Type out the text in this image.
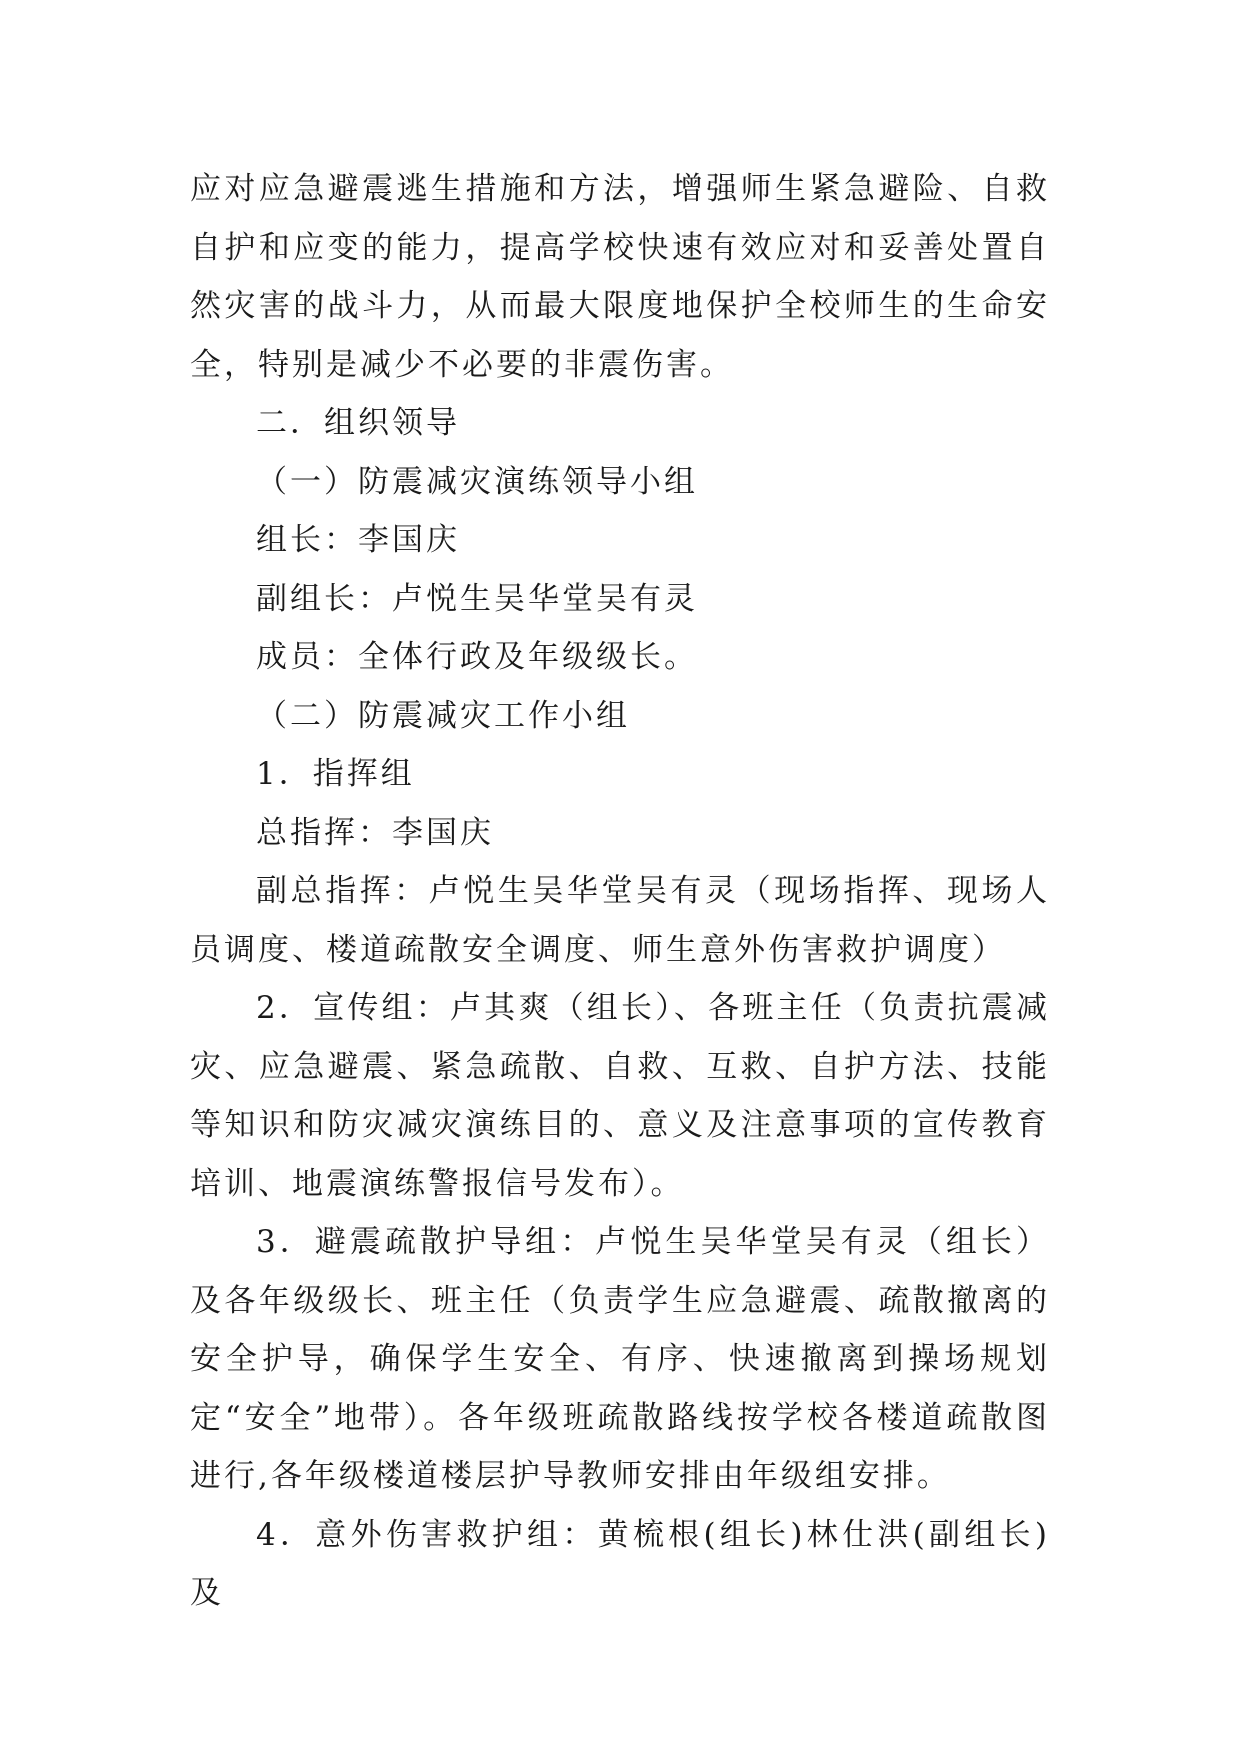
应对应急避震逃生措施和方法，增强师生紧急避险、自救自护和应变的能力，提高学校快速有效应对和妥善处置自然灾害的战斗力，从而最大限度地保护全校师生的生命安全，特别是减少不必要的非震伤害。

二．组织领导

（一）防震减灾演练领导小组

组长：李国庆

副组长：卢悦生吴华堂吴有灵

成员：全体行政及年级级长。

（二）防震减灾工作小组

1．指挥组

总指挥：李国庆

副总指挥：卢悦生吴华堂吴有灵（现场指挥、现场人员调度、楼道疏散安全调度、师生意外伤害救护调度）

2．宣传组：卢其爽（组长）、各班主任（负责抗震减灾、应急避震、紧急疏散、自救、互救、自护方法、技能等知识和防灾减灾演练目的、意义及注意事项的宣传教育培训、地震演练警报信号发布）。

3．避震疏散护导组：卢悦生吴华堂吴有灵（组长）及各年级级长、班主任（负责学生应急避震、疏散撤离的安全护导，确保学生安全、有序、快速撤离到操场规划定“安全”地带）。各年级班疏散路线按学校各楼道疏散图进行,各年级楼道楼层护导教师安排由年级组安排。

4．意外伤害救护组：黄梳根(组长)林仕洪(副组长)及
